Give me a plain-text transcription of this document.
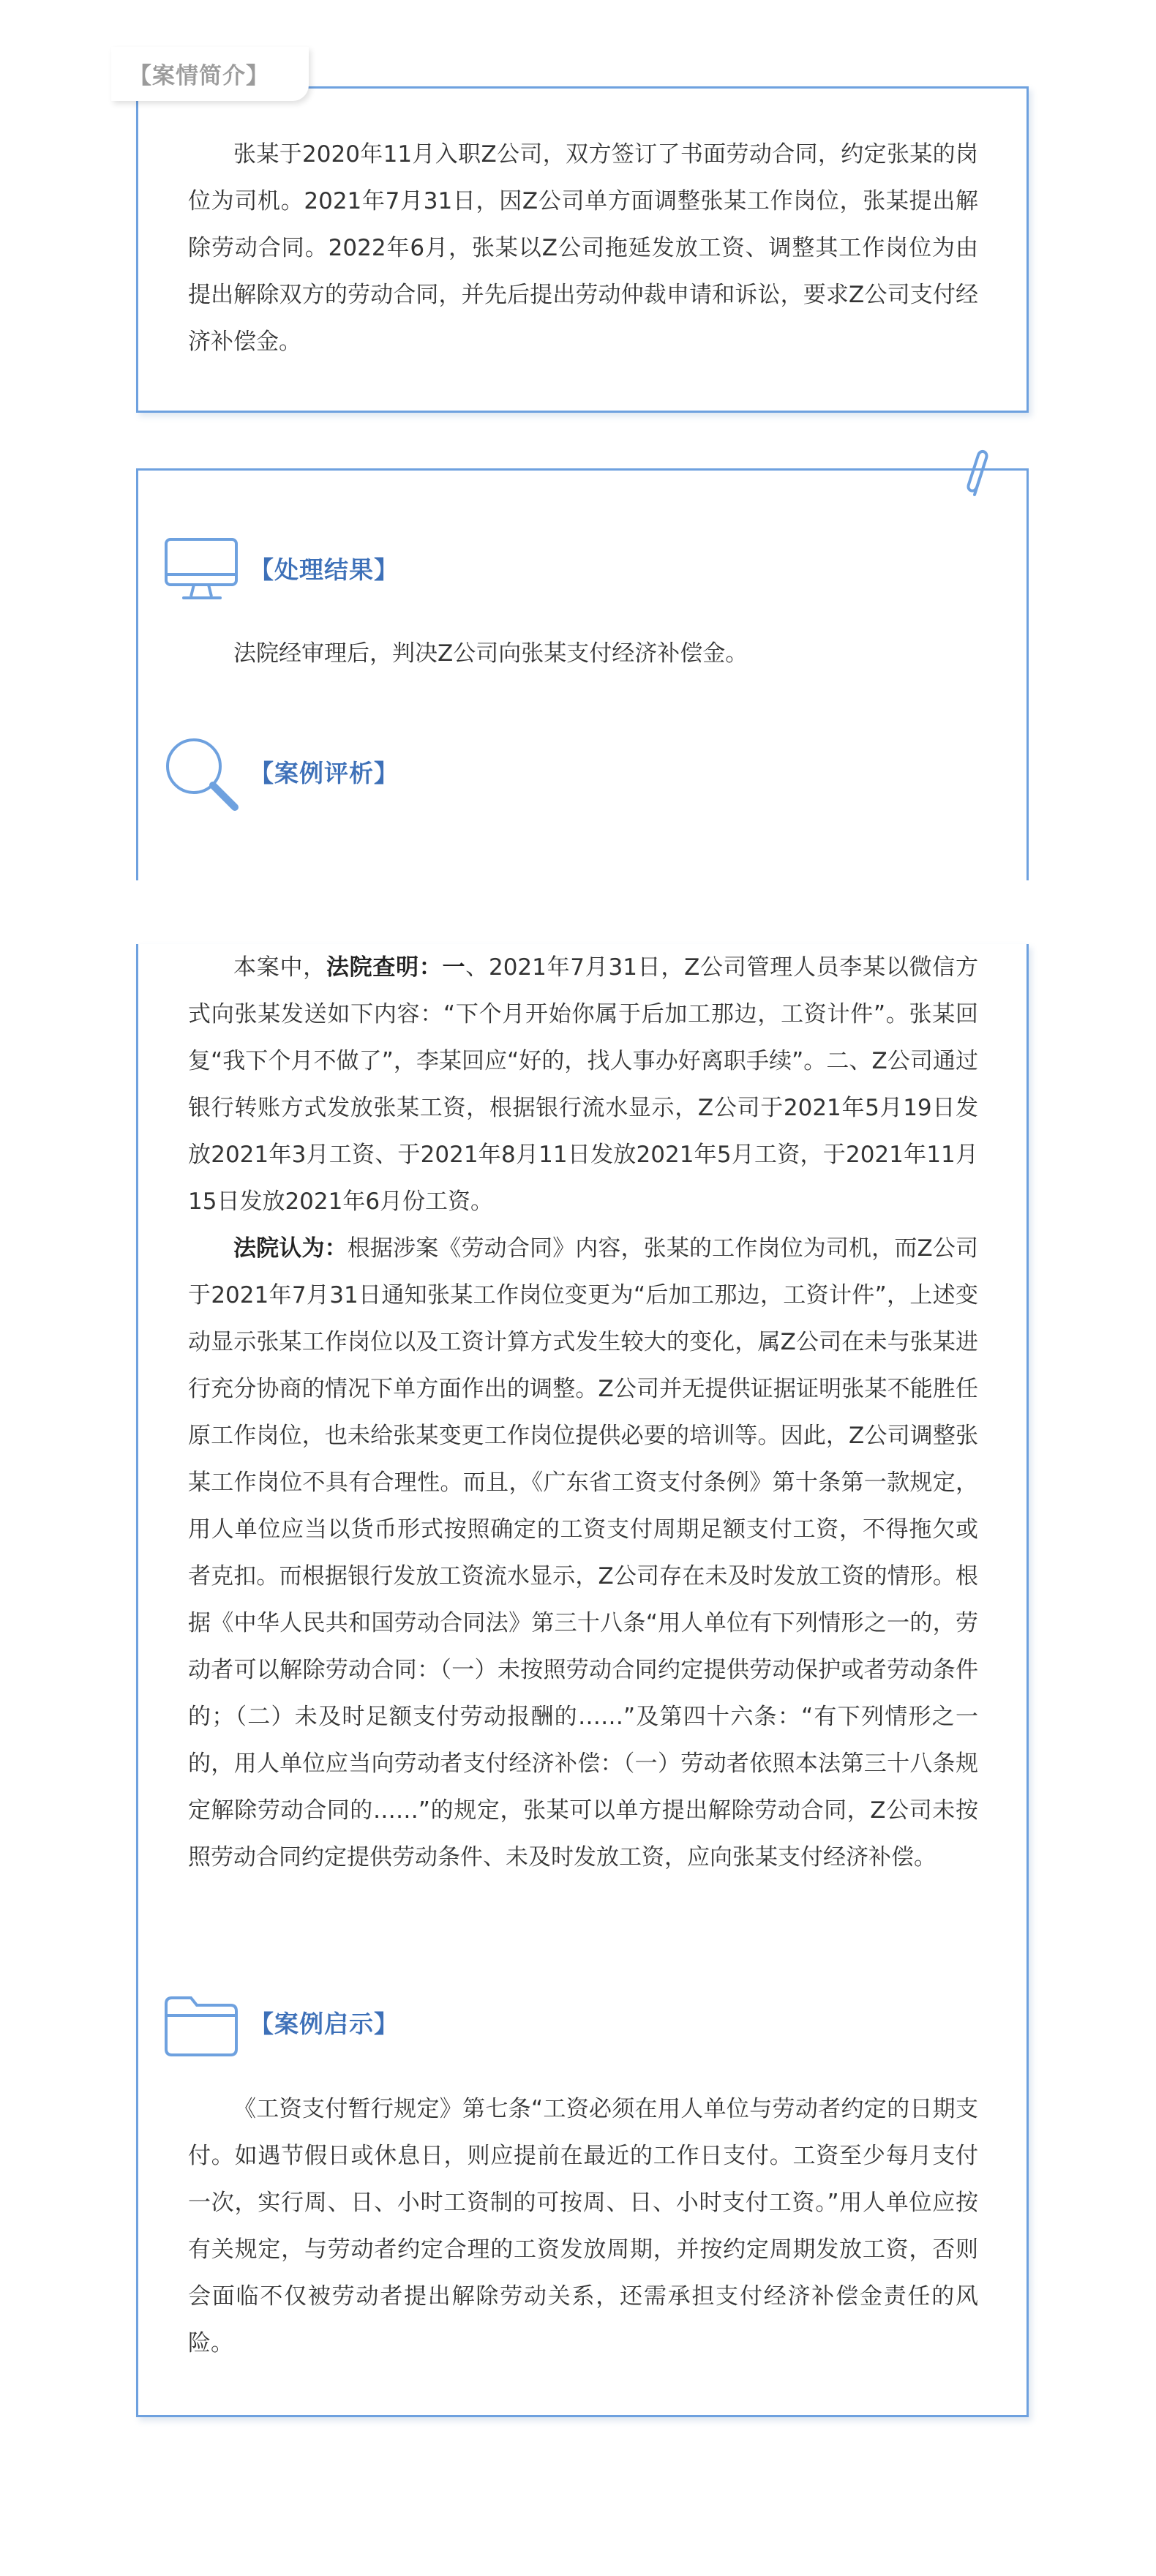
【案情简介】

张某于2020年11月入职Z公司，双方签订了书面劳动合同，约定张某的岗位为司机。2021年7月31日，因Z公司单方面调整张某工作岗位，张某提出解除劳动合同。2022年6月，张某以Z公司拖延发放工资、调整其工作岗位为由提出解除双方的劳动合同，并先后提出劳动仲裁申请和诉讼，要求Z公司支付经济补偿金。

【处理结果】

法院经审理后，判决Z公司向张某支付经济补偿金。

【案例评析】

本案中，法院查明：一、2021年7月31日，Z公司管理人员李某以微信方式向张某发送如下内容：“下个月开始你属于后加工那边，工资计件”。张某回复“我下个月不做了”，李某回应“好的，找人事办好离职手续”。二、Z公司通过银行转账方式发放张某工资，根据银行流水显示，Z公司于2021年5月19日发放2021年3月工资、于2021年8月11日发放2021年5月工资，于2021年11月15日发放2021年6月份工资。

法院认为：根据涉案《劳动合同》内容，张某的工作岗位为司机，而Z公司于2021年7月31日通知张某工作岗位变更为“后加工那边，工资计件”，上述变动显示张某工作岗位以及工资计算方式发生较大的变化，属Z公司在未与张某进行充分协商的情况下单方面作出的调整。Z公司并无提供证据证明张某不能胜任原工作岗位，也未给张某变更工作岗位提供必要的培训等。因此，Z公司调整张某工作岗位不具有合理性。而且，《广东省工资支付条例》第十条第一款规定，用人单位应当以货币形式按照确定的工资支付周期足额支付工资，不得拖欠或者克扣。而根据银行发放工资流水显示，Z公司存在未及时发放工资的情形。根据《中华人民共和国劳动合同法》第三十八条“用人单位有下列情形之一的，劳动者可以解除劳动合同：（一）未按照劳动合同约定提供劳动保护或者劳动条件的；（二）未及时足额支付劳动报酬的……”及第四十六条：“有下列情形之一的，用人单位应当向劳动者支付经济补偿：（一）劳动者依照本法第三十八条规定解除劳动合同的……”的规定，张某可以单方提出解除劳动合同，Z公司未按照劳动合同约定提供劳动条件、未及时发放工资，应向张某支付经济补偿。

【案例启示】

《工资支付暂行规定》第七条“工资必须在用人单位与劳动者约定的日期支付。如遇节假日或休息日，则应提前在最近的工作日支付。工资至少每月支付一次，实行周、日、小时工资制的可按周、日、小时支付工资。”用人单位应按有关规定，与劳动者约定合理的工资发放周期，并按约定周期发放工资，否则会面临不仅被劳动者提出解除劳动关系，还需承担支付经济补偿金责任的风险。
